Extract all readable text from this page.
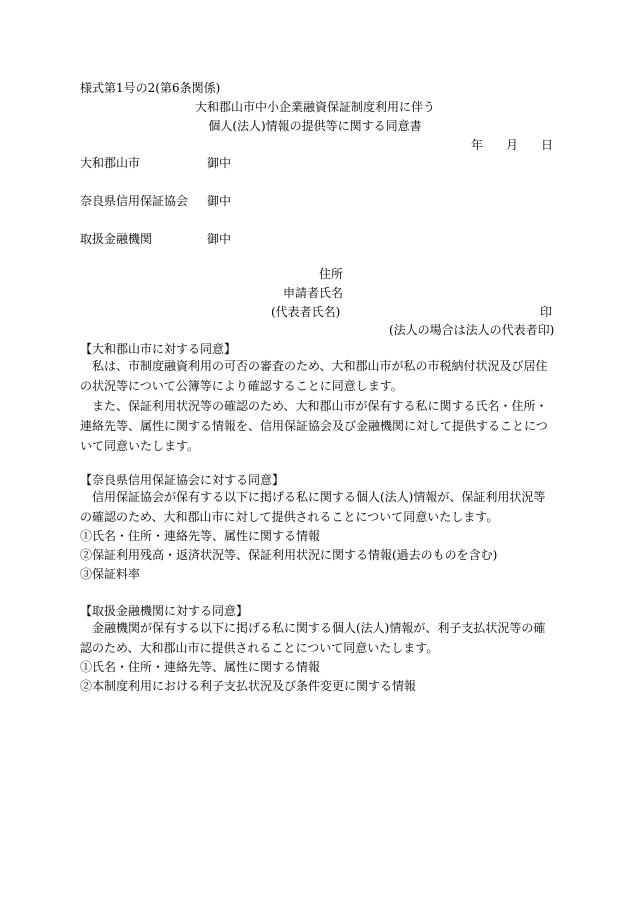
様式第1号の2(第6条関係)
大和郡山市中小企業融資保証制度利用に伴う
個人(法人)情報の提供等に関する同意書
年 月 日
大和郡山市	御中
奈良県信用保証協会 御中
取扱金融機関	御中
住所
申請者氏名
(代表者氏名)	印
(法人の場合は法人の代表者印)
【大和郡山市に対する同意】
私は、市制度融資利用の可否の審査のため、大和郡山市が私の市税納付状況及び居住の状況等について公簿等により確認することに同意します。
また、保証利用状況等の確認のため、大和郡山市が保有する私に関する氏名・住所・連絡先等、属性に関する情報を、信用保証協会及び金融機関に対して提供することについて同意いたします。
【奈良県信用保証協会に対する同意】
信用保証協会が保有する以下に掲げる私に関する個人(法人)情報が、保証利用状況等の確認のため、大和郡山市に対して提供されることについて同意いたします。
①氏名・住所・連絡先等、属性に関する情報
②保証利用残高・返済状況等、保証利用状況に関する情報(過去のものを含む)
③保証料率
【取扱金融機関に対する同意】
金融機関が保有する以下に掲げる私に関する個人(法人)情報が、利子支払状況等の確認のため、大和郡山市に提供されることについて同意いたします。
①氏名・住所・連絡先等、属性に関する情報
②本制度利用における利子支払状況及び条件変更に関する情報
